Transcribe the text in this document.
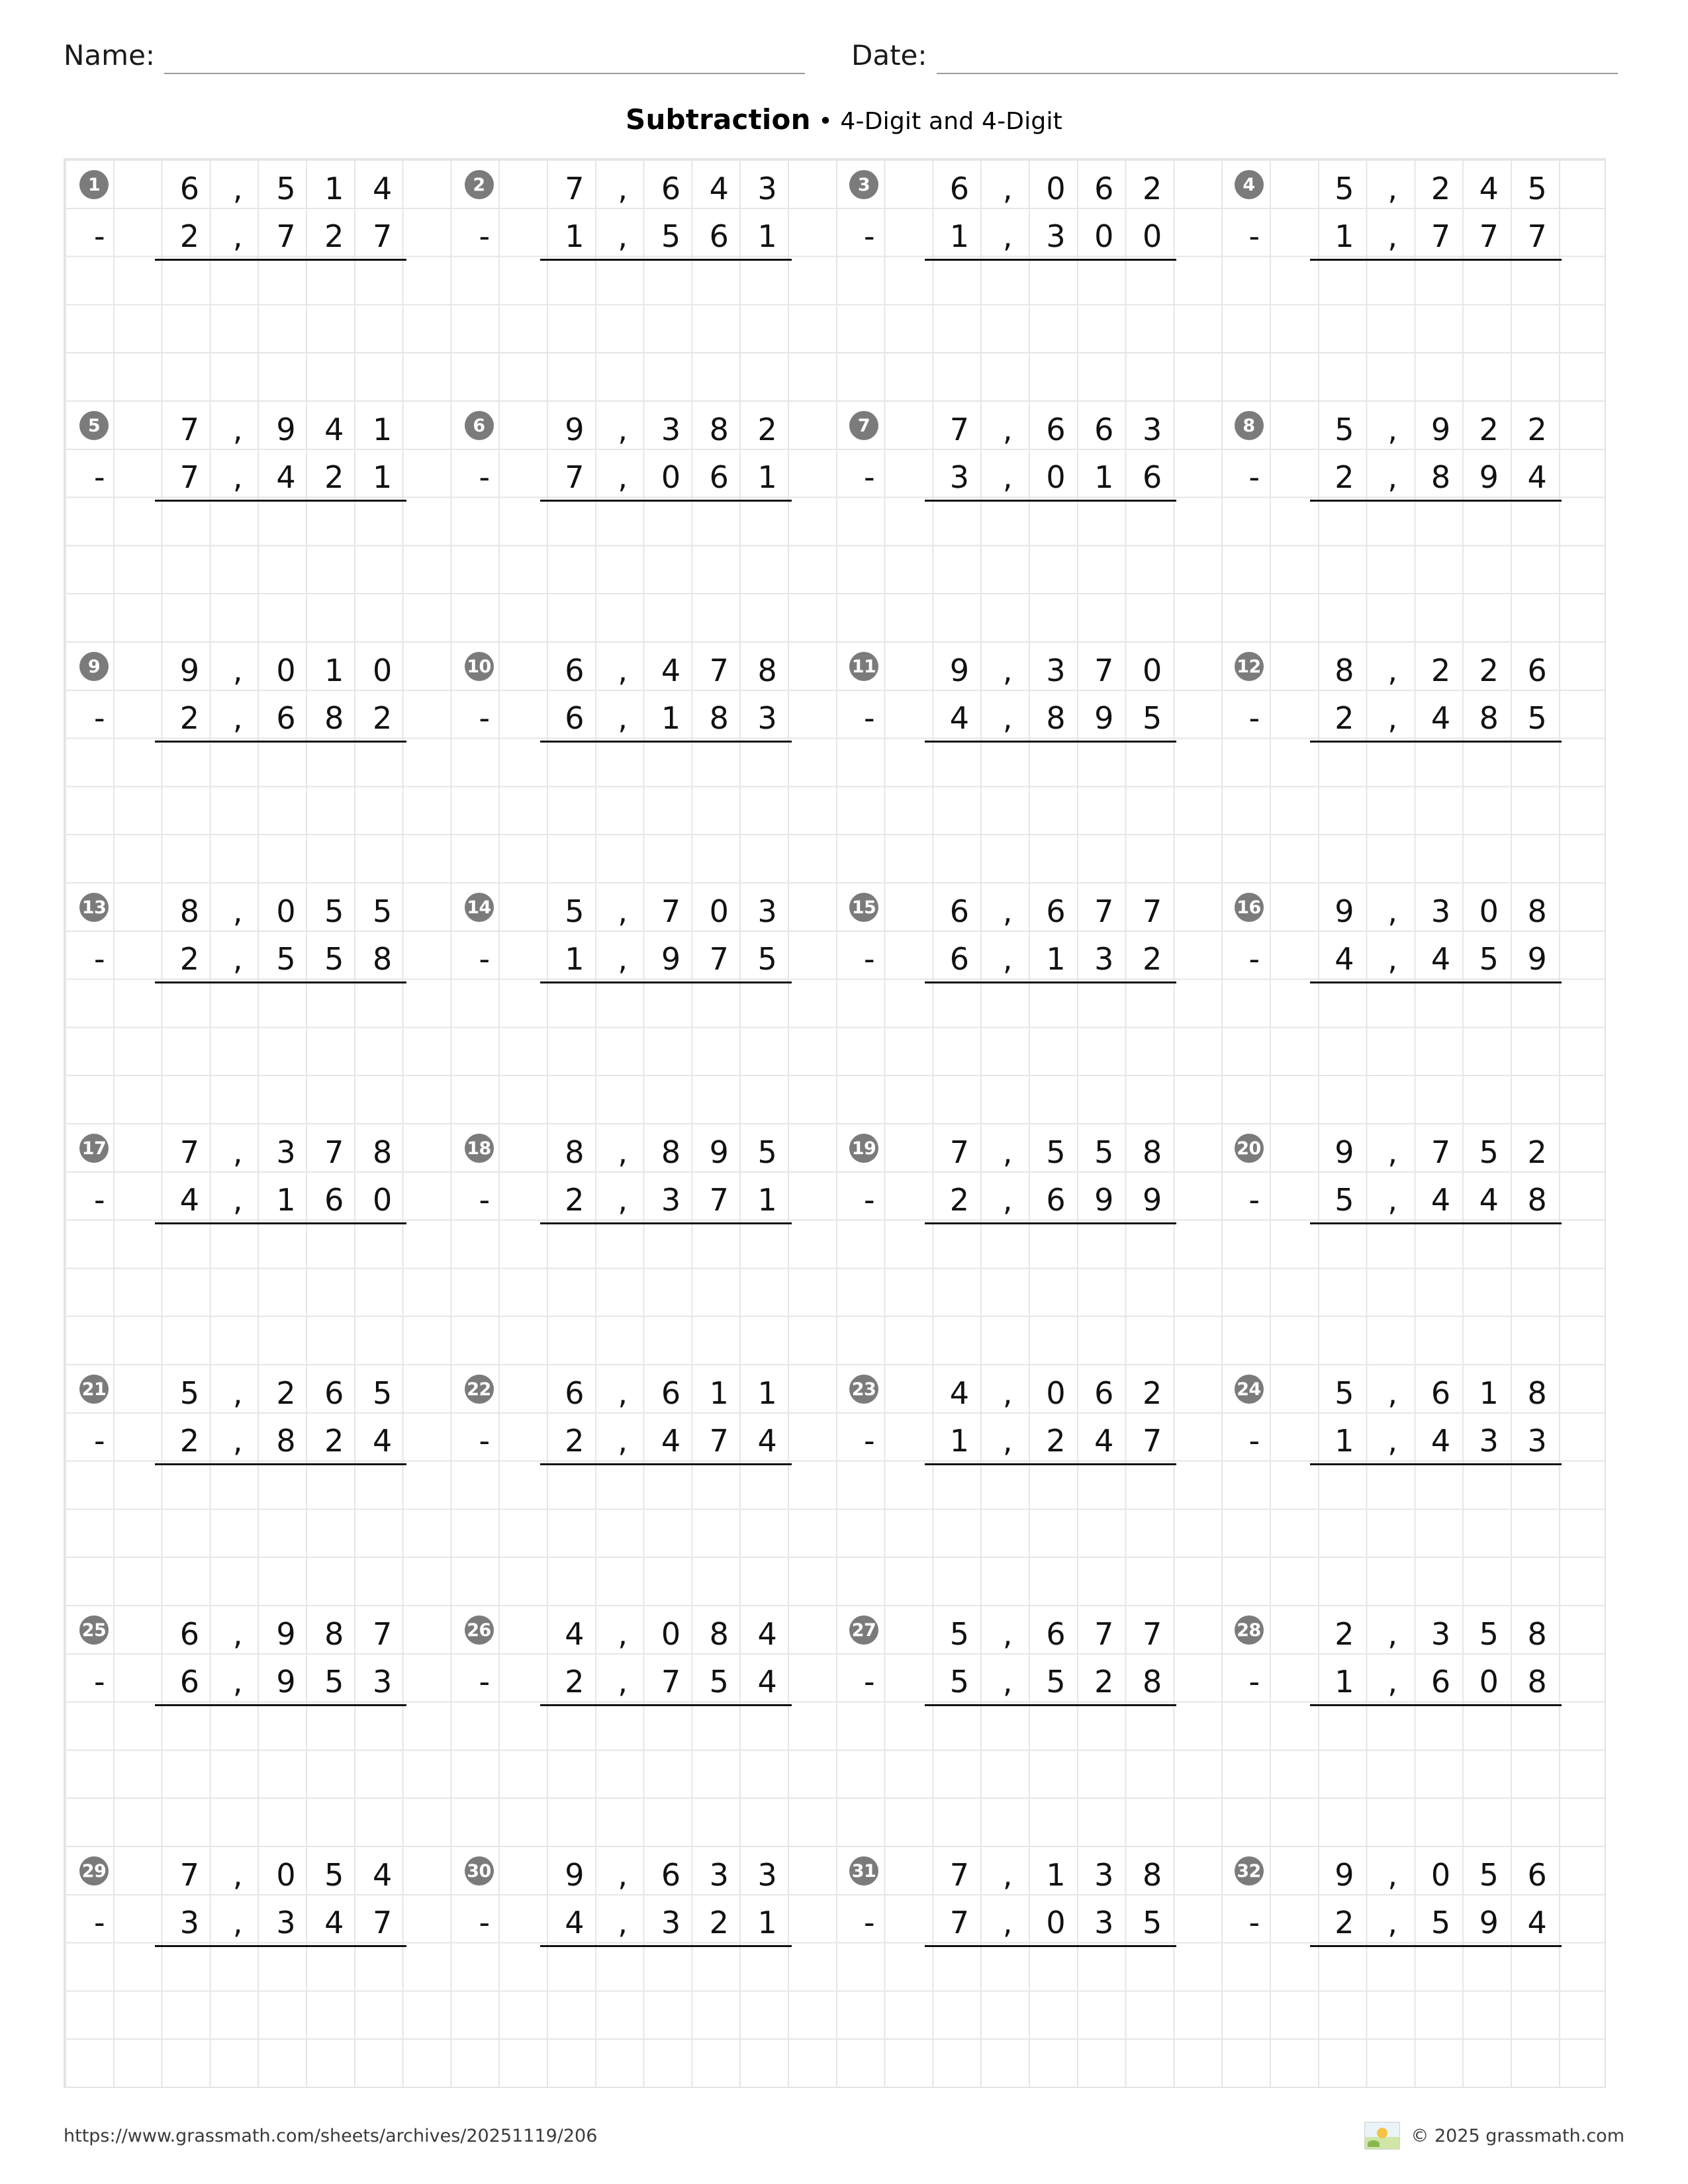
Name:	Date:
Subtraction • 4-Digit and 4-Digit
1	6	,	5 1 4
-	2	,	7 2 7
2	7	,	6 4 3
-	1	,	5 6 1
3	6	,	0 6 2
-	1	,	3 0 0
4	5	,	2 4 5
-	1	,	7 7 7
5	7	,	9 4 1
-	7	,	4 2 1
6	9	,	3 8 2
-	7	,	0 6 1
7	7	,	6 6 3
-	3	,	0 1 6
8	5	,	9 2 2
-	2	,	8 9 4
9	9	,	0 1 0
-	2	,	6 8 2
10	6	,	4 7 8
-	6	,	1 8 3
11	9	,	3 7 0
-	4	,	8 9 5
12	8	,	2 2 6
-	2	,	4 8 5
13	8	,	0 5 5
-	2	,	5 5 8
14	5	,	7 0 3
-	1	,	9 7 5
15	6	,	6 7 7
-	6	,	1 3 2
16	9	,	3 0 8
-	4	,	4 5 9
17	7	,	3 7 8
-	4	,	1 6 0
18	8	,	8 9 5
-	2	,	3 7 1
19	7	,	5 5 8
-	2	,	6 9 9
20	9	,	7 5 2
-	5	,	4 4 8
21	5	,	2 6 5
-	2	,	8 2 4
22	6	,	6 1 1
-	2	,	4 7 4
23	4	,	0 6 2
-	1	,	2 4 7
24	5	,	6 1 8
-	1	,	4 3 3
25	6	,	9 8 7
-	6	,	9 5 3
26	4	,	0 8 4
-	2	,	7 5 4
27	5	,	6 7 7
-	5	,	5 2 8
28	2	,	3 5 8
-	1	,	6 0 8
29	7	,	0 5 4
-	3	,	3 4 7
30	9	,	6 3 3
-	4	,	3 2 1
31	7	,	1 3 8
-	7	,	0 3 5
32	9	,	0 5 6
-	2	,	5 9 4
https://www.grassmath.com/sheets/archives/20251119/206	© 2025 grassmath.com
